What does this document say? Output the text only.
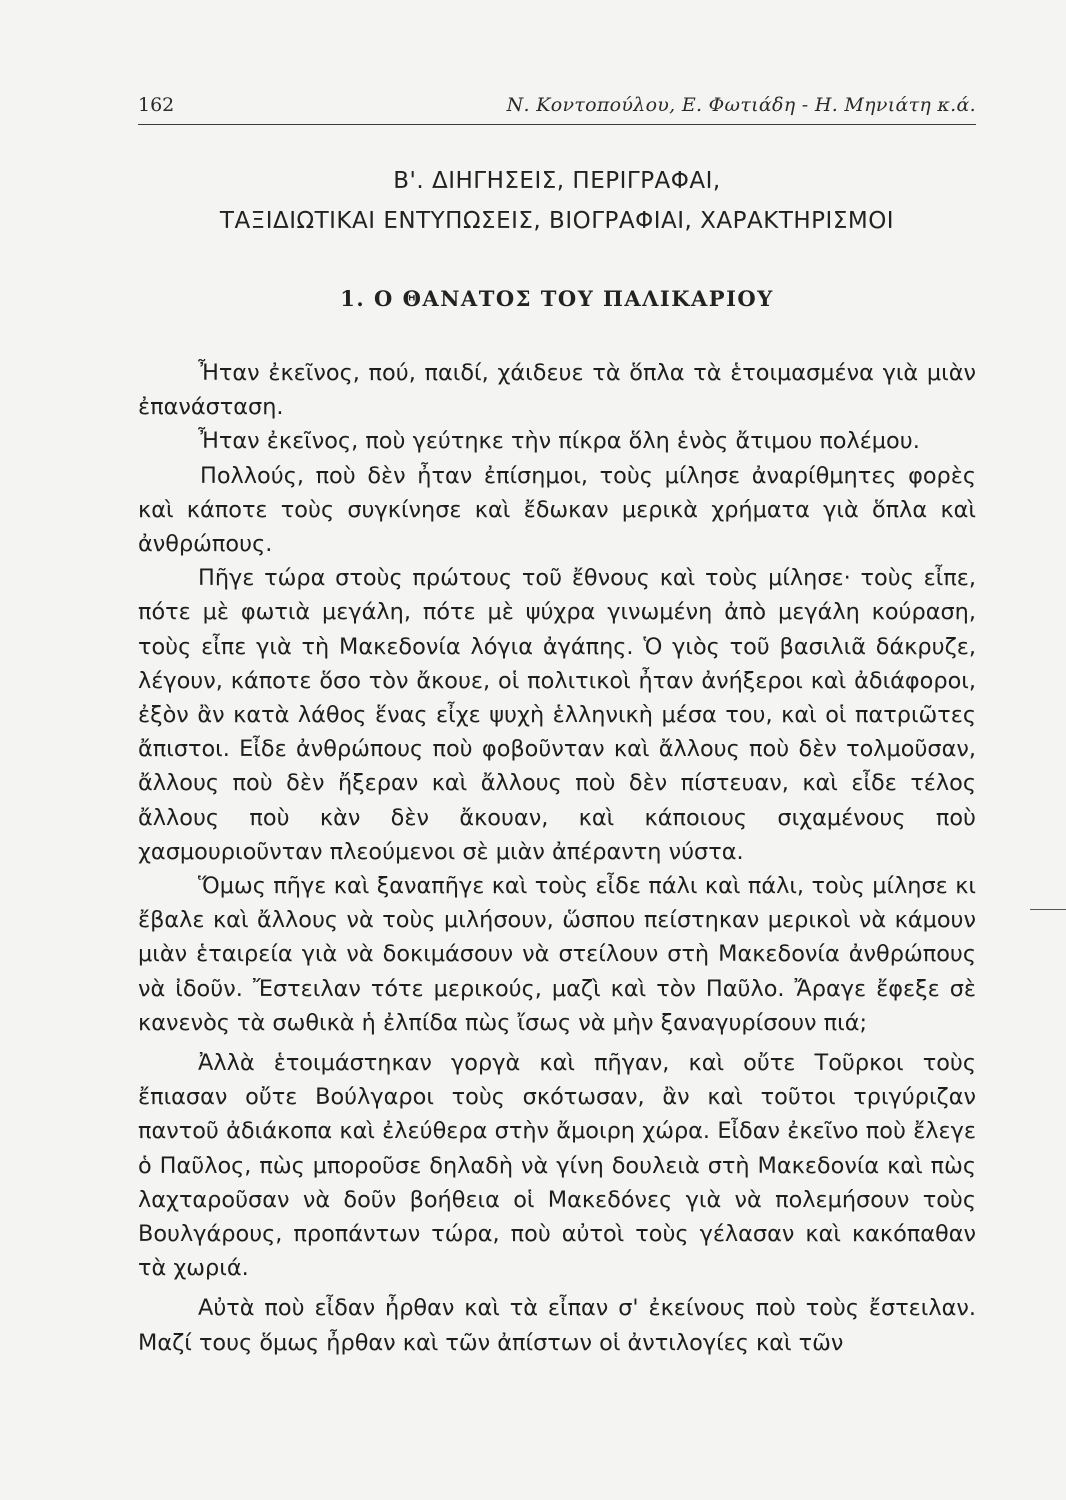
162	Ν. Κοντοπούλου, Ε. Φωτιάδη - Η. Μηνιάτη κ.ά.
Β'. ΔΙΗΓΗΣΕΙΣ, ΠΕΡΙΓΡΑΦΑΙ,
ΤΑΞΙΔΙΩΤΙΚΑΙ ΕΝΤΥΠΩΣΕΙΣ, ΒΙΟΓΡΑΦΙΑΙ, ΧΑΡΑΚΤΗΡΙΣΜΟΙ
1. Ο ΘΑΝΑΤΟΣ ΤΟΥ ΠΑΛΙΚΑΡΙΟΥ

Ἦταν ἐκεῖνος, πού, παιδί, χάιδευε τὰ ὅπλα τὰ ἑτοιμασμένα γιὰ μιὰν ἐπανάσταση.

Ἦταν ἐκεῖνος, ποὺ γεύτηκε τὴν πίκρα ὅλη ἑνὸς ἄτιμου πολέμου.

Πολλούς, ποὺ δὲν ἦταν ἐπίσημοι, τοὺς μίλησε ἀναρίθμητες φορὲς καὶ κάποτε τοὺς συγκίνησε καὶ ἔδωκαν μερικὰ χρήματα γιὰ ὅπλα καὶ ἀνθρώπους.

Πῆγε τώρα στοὺς πρώτους τοῦ ἔθνους καὶ τοὺς μίλησε· τοὺς εἶπε, πότε μὲ φωτιὰ μεγάλη, πότε μὲ ψύχρα γινωμένη ἀπὸ μεγάλη κούραση, τοὺς εἶπε γιὰ τὴ Μακεδονία λόγια ἀγάπης. Ὁ γιὸς τοῦ βασιλιᾶ δάκρυζε, λέγουν, κάποτε ὅσο τὸν ἄκουε, οἱ πολιτικοὶ ἦταν ἀνήξεροι καὶ ἀδιάφοροι, ἐξὸν ἂν κατὰ λάθος ἕνας εἶχε ψυχὴ ἑλληνικὴ μέσα του, καὶ οἱ πατριῶτες ἄπιστοι. Εἶδε ἀνθρώπους ποὺ φοβοῦνταν καὶ ἄλλους ποὺ δὲν τολμοῦσαν, ἄλλους ποὺ δὲν ἤξεραν καὶ ἄλλους ποὺ δὲν πίστευαν, καὶ εἶδε τέλος ἄλλους ποὺ κὰν δὲν ἄκουαν, καὶ κάποιους σιχαμένους ποὺ χασμουριοῦνταν πλεούμενοι σὲ μιὰν ἀπέραντη νύστα.

Ὅμως πῆγε καὶ ξαναπῆγε καὶ τοὺς εἶδε πάλι καὶ πάλι, τοὺς μίλησε κι ἔβαλε καὶ ἄλλους νὰ τοὺς μιλήσουν, ὥσπου πείστηκαν μερικοὶ νὰ κάμουν μιὰν ἑταιρεία γιὰ νὰ δοκιμάσουν νὰ στείλουν στὴ Μακεδονία ἀνθρώπους νὰ ἰδοῦν. Ἔστειλαν τότε μερικούς, μαζὶ καὶ τὸν Παῦλο. Ἄραγε ἔφεξε σὲ κανενὸς τὰ σωθικὰ ἡ ἐλπίδα πὼς ἴσως νὰ μὴν ξαναγυρίσουν πιά;

Ἀλλὰ ἑτοιμάστηκαν γοργὰ καὶ πῆγαν, καὶ οὔτε Τοῦρκοι τοὺς ἔπιασαν οὔτε Βούλγαροι τοὺς σκότωσαν, ἂν καὶ τοῦτοι τριγύριζαν παντοῦ ἀδιάκοπα καὶ ἐλεύθερα στὴν ἄμοιρη χώρα. Εἶδαν ἐκεῖνο ποὺ ἔλεγε ὁ Παῦλος, πὼς μποροῦσε δηλαδὴ νὰ γίνη δουλειὰ στὴ Μακεδονία καὶ πὼς λαχταροῦσαν νὰ δοῦν βοήθεια οἱ Μακεδόνες γιὰ νὰ πολεμήσουν τοὺς Βουλγάρους, προπάντων τώρα, ποὺ αὐτοὶ τοὺς γέλασαν καὶ κακόπαθαν τὰ χωριά.

Αὐτὰ ποὺ εἶδαν ἦρθαν καὶ τὰ εἶπαν σ' ἐκείνους ποὺ τοὺς ἔστειλαν. Μαζί τους ὅμως ἦρθαν καὶ τῶν ἀπίστων οἱ ἀντιλογίες καὶ τῶν
